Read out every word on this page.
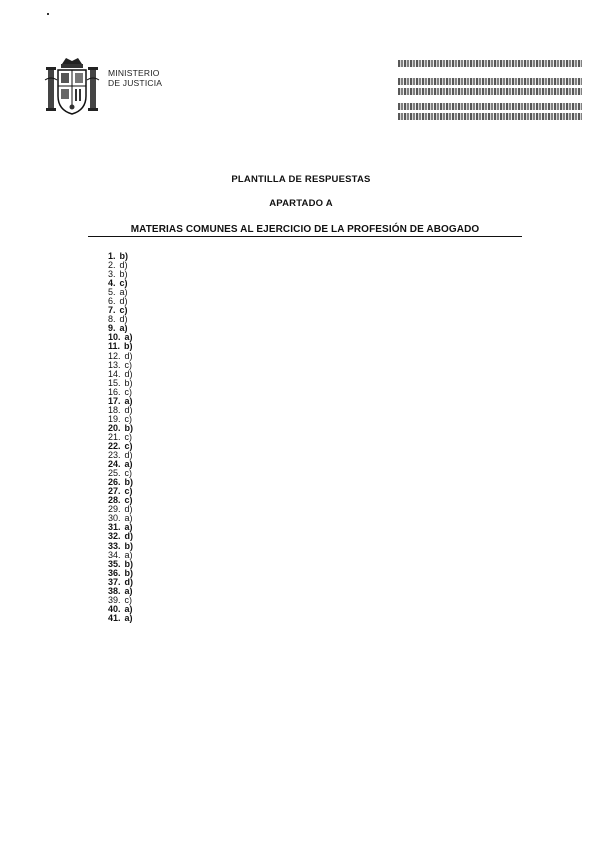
MINISTERIO
DE JUSTICIA
PLANTILLA DE RESPUESTAS
APARTADO A
MATERIAS COMUNES AL EJERCICIO DE LA PROFESIÓN DE ABOGADO
1. b)
2. d)
3. b)
4. c)
5. a)
6. d)
7. c)
8. d)
9. a)
10. a)
11. b)
12. d)
13. c)
14. d)
15. b)
16. c)
17. a)
18. d)
19. c)
20. b)
21. c)
22. c)
23. d)
24. a)
25. c)
26. b)
27. c)
28. c)
29. d)
30. a)
31. a)
32. d)
33. b)
34. a)
35. b)
36. b)
37. d)
38. a)
39. c)
40. a)
41. a)
